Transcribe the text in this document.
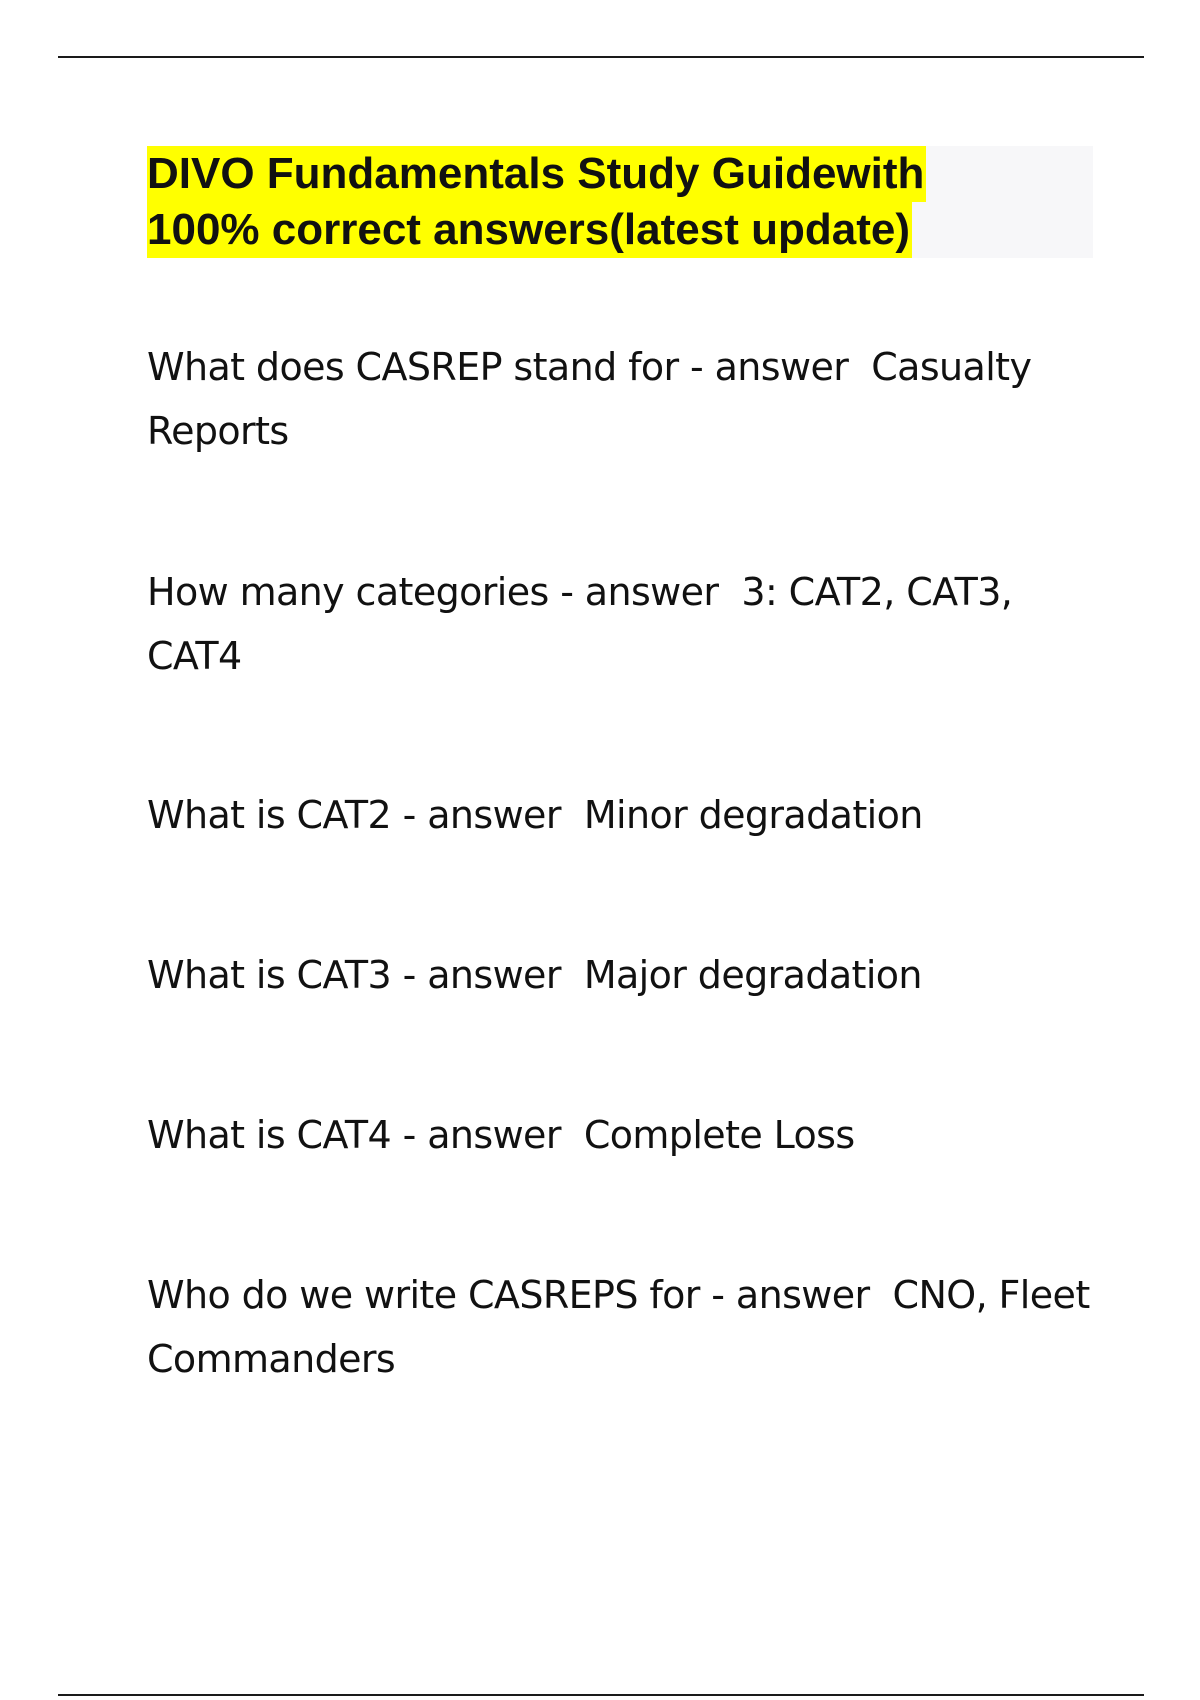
DIVO Fundamentals Study Guidewith
100% correct answers(latest update)

What does CASREP stand for - answer  Casualty Reports

How many categories - answer  3: CAT2, CAT3, CAT4

What is CAT2 - answer  Minor degradation

What is CAT3 - answer  Major degradation

What is CAT4 - answer  Complete Loss

Who do we write CASREPS for - answer  CNO, Fleet Commanders
